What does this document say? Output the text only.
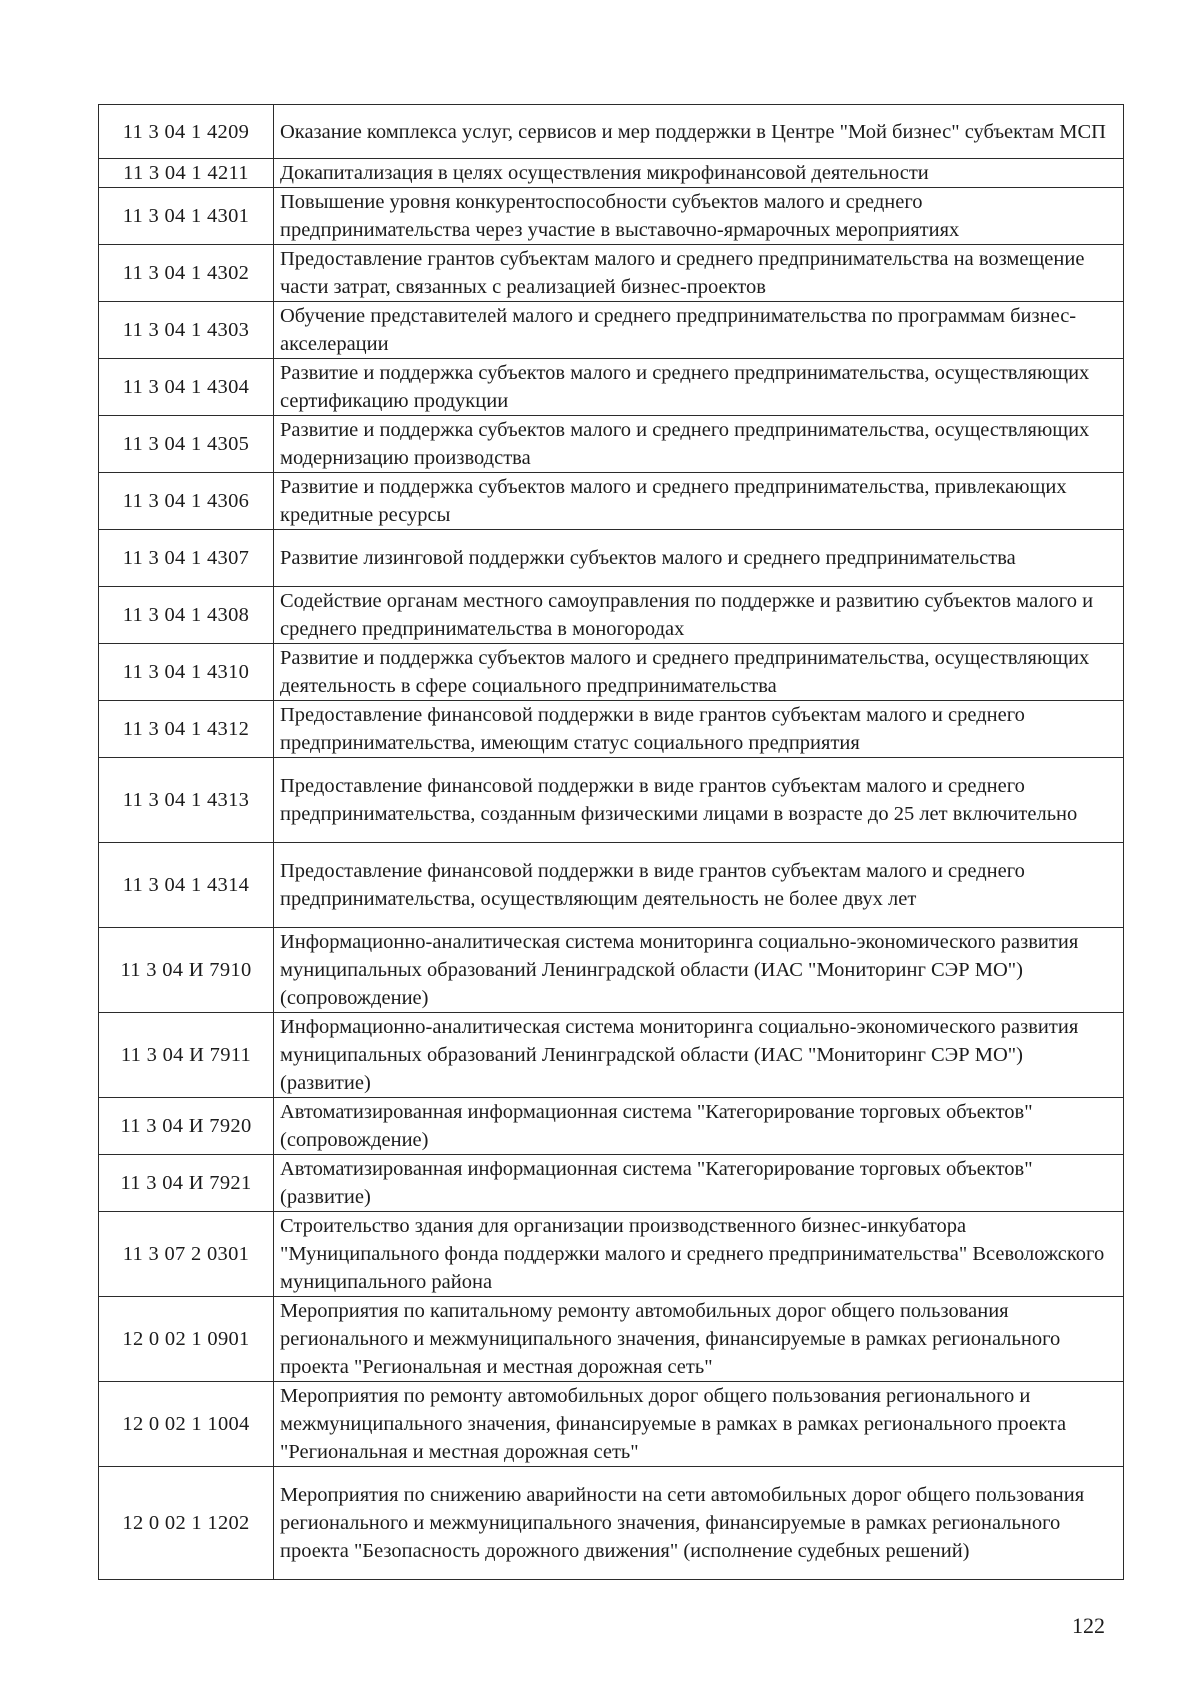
11 3 04 1 4209	Оказание комплекса услуг, сервисов и мер поддержки в Центре "Мой бизнес" субъектам МСП
11 3 04 1 4211	Докапитализация в целях осуществления микрофинансовой деятельности
11 3 04 1 4301	Повышение уровня конкурентоспособности субъектов малого и среднего предпринимательства через участие в выставочно-ярмарочных мероприятиях
11 3 04 1 4302	Предоставление грантов субъектам малого и среднего предпринимательства на возмещение части затрат, связанных с реализацией бизнес-проектов
11 3 04 1 4303	Обучение представителей малого и среднего предпринимательства по программам бизнес-акселерации
11 3 04 1 4304	Развитие и поддержка субъектов малого и среднего предпринимательства, осуществляющих сертификацию продукции
11 3 04 1 4305	Развитие и поддержка субъектов малого и среднего предпринимательства, осуществляющих модернизацию производства
11 3 04 1 4306	Развитие и поддержка субъектов малого и среднего предпринимательства, привлекающих кредитные ресурсы
11 3 04 1 4307	Развитие лизинговой поддержки субъектов малого и среднего предпринимательства
11 3 04 1 4308	Содействие органам местного самоуправления по поддержке и развитию субъектов малого и среднего предпринимательства в моногородах
11 3 04 1 4310	Развитие и поддержка субъектов малого и среднего предпринимательства, осуществляющих деятельность в сфере социального предпринимательства
11 3 04 1 4312	Предоставление финансовой поддержки в виде грантов субъектам малого и среднего предпринимательства, имеющим статус социального предприятия
11 3 04 1 4313	Предоставление финансовой поддержки в виде грантов субъектам малого и среднего предпринимательства, созданным физическими лицами в возрасте до 25 лет включительно
11 3 04 1 4314	Предоставление финансовой поддержки в виде грантов субъектам малого и среднего предпринимательства, осуществляющим деятельность не более двух лет
11 3 04 И 7910	Информационно-аналитическая система мониторинга социально-экономического развития муниципальных образований Ленинградской области (ИАС "Мониторинг СЭР МО") (сопровождение)
11 3 04 И 7911	Информационно-аналитическая система мониторинга социально-экономического развития муниципальных образований Ленинградской области (ИАС "Мониторинг СЭР МО") (развитие)
11 3 04 И 7920	Автоматизированная информационная система "Категорирование торговых объектов" (сопровождение)
11 3 04 И 7921	Автоматизированная информационная система "Категорирование торговых объектов" (развитие)
11 3 07 2 0301	Строительство здания для организации производственного бизнес-инкубатора "Муниципального фонда поддержки малого и среднего предпринимательства" Всеволожского муниципального района
12 0 02 1 0901	Мероприятия по капитальному ремонту автомобильных дорог общего пользования регионального и межмуниципального значения, финансируемые в рамках регионального проекта "Региональная и местная дорожная сеть"
12 0 02 1 1004	Мероприятия по ремонту автомобильных дорог общего пользования регионального и межмуниципального значения, финансируемые в рамках в рамках регионального проекта "Региональная и местная дорожная сеть"
12 0 02 1 1202	Мероприятия по снижению аварийности на сети автомобильных дорог общего пользования регионального и межмуниципального значения, финансируемые в рамках регионального проекта "Безопасность дорожного движения" (исполнение судебных решений)
122
